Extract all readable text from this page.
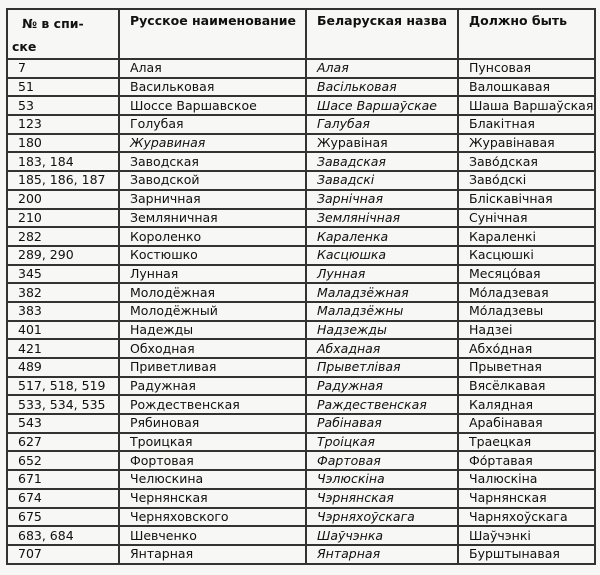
№ в спи-
ске	Русское наименование	Беларуская назва	Должно быть
7	Алая	Алая	Пунсовая
51	Васильковая	Васільковая	Валошкавая
53	Шоссе Варшавское	Шасе Варшаўскае	Шаша Варшаўская
123	Голубая	Галубая	Блакітная
180	Журавиная	Журавіная	Журавінавая
183, 184	Заводская	Завадская	Заво́дская
185, 186, 187	Заводской	Завадскі	Заво́дскі
200	Зарничная	Зарнічная	Бліскавічная
210	Земляничная	Землянічная	Сунічная
282	Короленко	Караленка	Караленкі
289, 290	Костюшко	Касцюшка	Касцюшкі
345	Лунная	Лунная	Месяцо́вая
382	Молодёжная	Маладзёжная	Мо́ладзевая
383	Молодёжный	Маладзёжны	Мо́ладзевы
401	Надежды	Надзежды	Надзеі
421	Обходная	Абхадная	Абхо́дная
489	Приветливая	Прыветлівая	Прыветная
517, 518, 519	Радужная	Радужная	Вясёлкавая
533, 534, 535	Рождественская	Раждественская	Калядная
543	Рябиновая	Рабінавая	Арабінавая
627	Троицкая	Троіцкая	Траецкая
652	Фортовая	Фартовая	Фо́ртавая
671	Челюскина	Чэлюскіна	Чалюскіна
674	Чернянская	Чэрнянская	Чарнянская
675	Черняховского	Чэрняхоўскага	Чарняхоўскага
683, 684	Шевченко	Шаўчэнка	Шаўчэнкі
707	Янтарная	Янтарная	Бурштынавая
